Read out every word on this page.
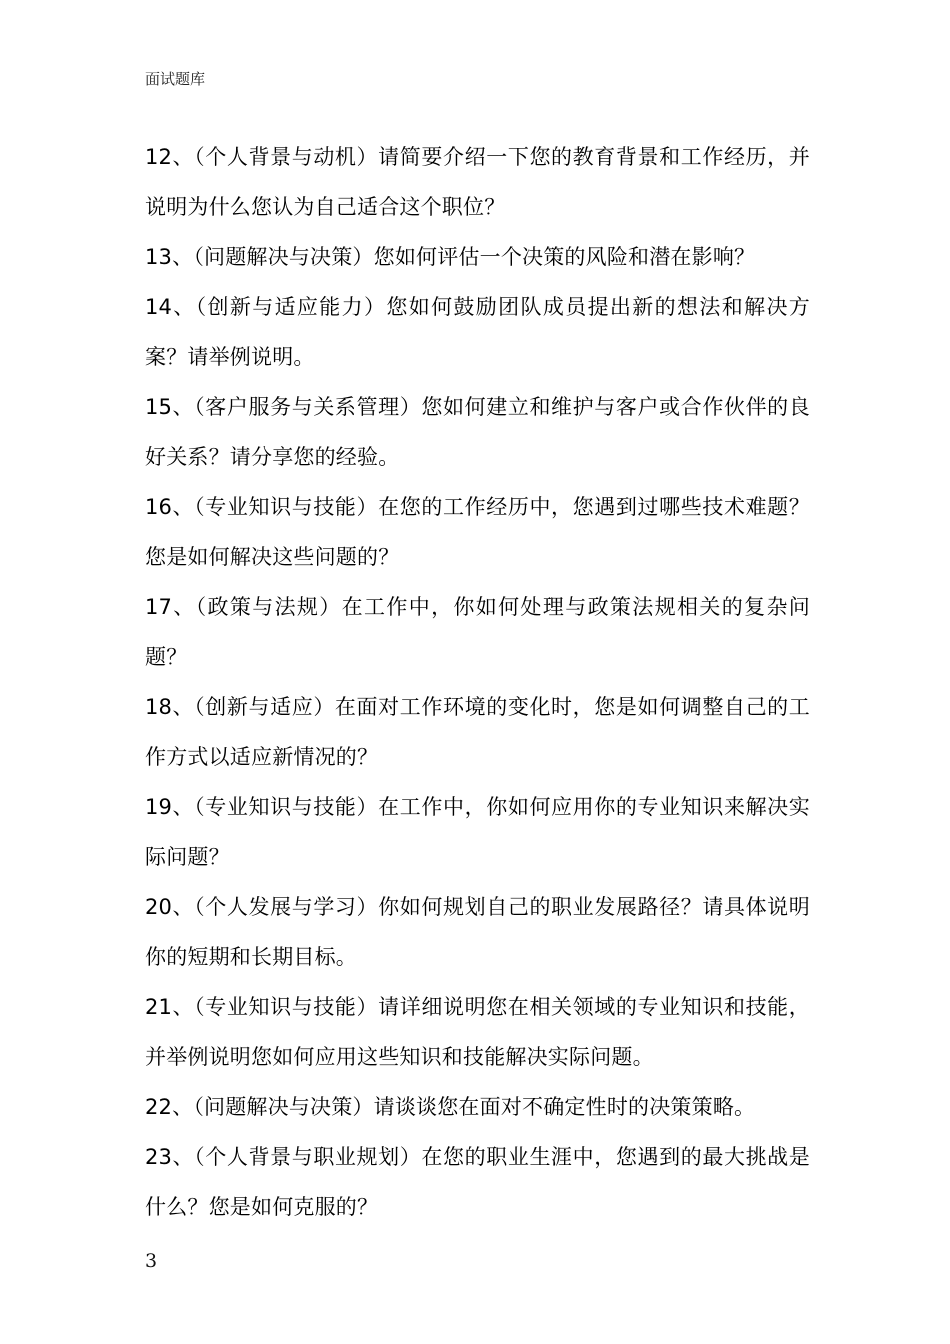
面试题库

12、（个人背景与动机）请简要介绍一下您的教育背景和工作经历，并说明为什么您认为自己适合这个职位？

13、（问题解决与决策）您如何评估一个决策的风险和潜在影响？

14、（创新与适应能力）您如何鼓励团队成员提出新的想法和解决方案？请举例说明。

15、（客户服务与关系管理）您如何建立和维护与客户或合作伙伴的良好关系？请分享您的经验。

16、（专业知识与技能）在您的工作经历中，您遇到过哪些技术难题？您是如何解决这些问题的？

17、（政策与法规）在工作中，你如何处理与政策法规相关的复杂问题？

18、（创新与适应）在面对工作环境的变化时，您是如何调整自己的工作方式以适应新情况的？

19、（专业知识与技能）在工作中，你如何应用你的专业知识来解决实际问题？

20、（个人发展与学习）你如何规划自己的职业发展路径？请具体说明你的短期和长期目标。

21、（专业知识与技能）请详细说明您在相关领域的专业知识和技能，并举例说明您如何应用这些知识和技能解决实际问题。

22、（问题解决与决策）请谈谈您在面对不确定性时的决策策略。

23、（个人背景与职业规划）在您的职业生涯中，您遇到的最大挑战是什么？您是如何克服的？

3
